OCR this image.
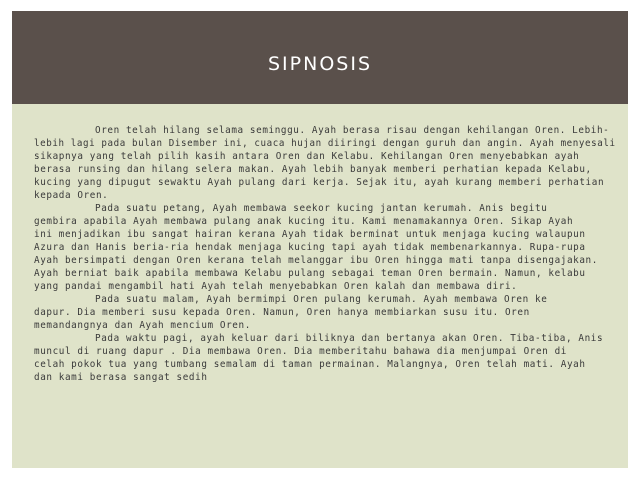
SIPNOSIS
Oren telah hilang selama seminggu. Ayah berasa risau dengan kehilangan Oren. Lebih-
lebih lagi pada bulan Disember ini, cuaca hujan diiringi dengan guruh dan angin. Ayah menyesali
sikapnya yang telah pilih kasih antara Oren dan Kelabu. Kehilangan Oren menyebabkan ayah
berasa runsing dan hilang selera makan. Ayah lebih banyak memberi perhatian kepada Kelabu,
kucing yang dipugut sewaktu Ayah pulang dari kerja. Sejak itu, ayah kurang memberi perhatian
kepada Oren.
Pada suatu petang, Ayah membawa seekor kucing jantan kerumah. Anis begitu
gembira apabila Ayah membawa pulang anak kucing itu. Kami menamakannya Oren. Sikap Ayah
ini menjadikan ibu sangat hairan kerana Ayah tidak berminat untuk menjaga kucing walaupun
Azura dan Hanis beria-ria hendak menjaga kucing tapi ayah tidak membenarkannya. Rupa-rupa
Ayah bersimpati dengan Oren kerana telah melanggar ibu Oren hingga mati tanpa disengajakan.
Ayah berniat baik apabila membawa Kelabu pulang sebagai teman Oren bermain. Namun, kelabu
yang pandai mengambil hati Ayah telah menyebabkan Oren kalah dan membawa diri.
Pada suatu malam, Ayah bermimpi Oren pulang kerumah. Ayah membawa Oren ke
dapur. Dia memberi susu kepada Oren. Namun, Oren hanya membiarkan susu itu. Oren
memandangnya dan Ayah mencium Oren.
Pada waktu pagi, ayah keluar dari biliknya dan bertanya akan Oren. Tiba-tiba, Anis
muncul di ruang dapur . Dia membawa Oren. Dia memberitahu bahawa dia menjumpai Oren di
celah pokok tua yang tumbang semalam di taman permainan. Malangnya, Oren telah mati. Ayah
dan kami berasa sangat sedih
